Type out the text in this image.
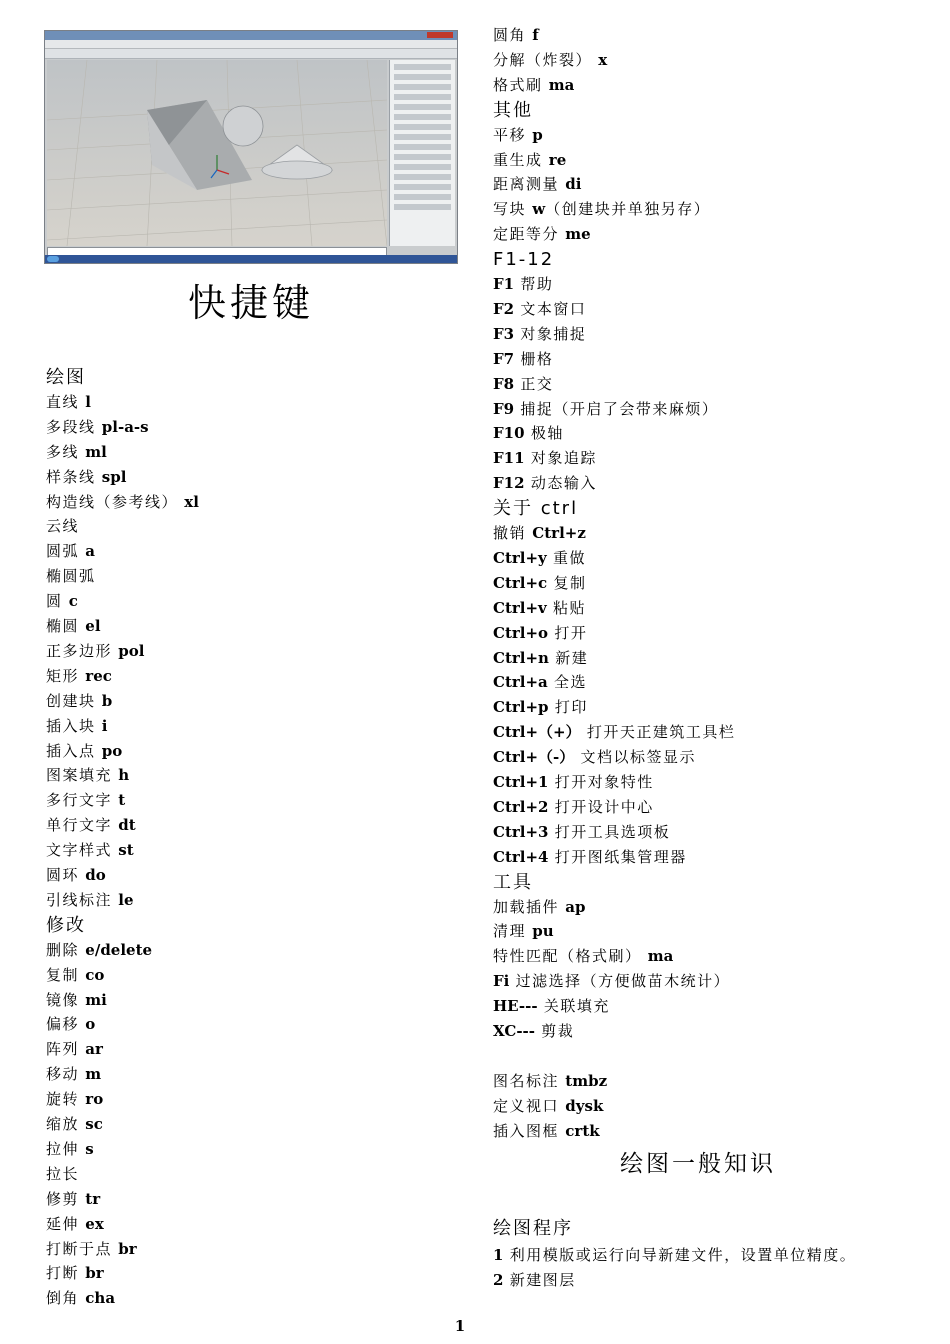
快捷键
绘图
直线 l
多段线 pl-a-s
多线 ml
样条线 spl
构造线（参考线） xl
云线
圆弧 a
椭圆弧
圆 c
椭圆 el
正多边形 pol
矩形 rec
创建块 b
插入块 i
插入点 po
图案填充 h
多行文字 t
单行文字 dt
文字样式 st
圆环 do
引线标注 le
修改
删除 e/delete
复制 co
镜像 mi
偏移 o
阵列 ar
移动 m
旋转 ro
缩放 sc
拉伸 s
拉长
修剪 tr
延伸 ex
打断于点 br
打断 br
倒角 cha
圆角 f
分解（炸裂） x
格式刷 ma
其他
平移 p
重生成 re
距离测量 di
写块 w（创建块并单独另存）
定距等分 me
F1-12
F1 帮助
F2 文本窗口
F3 对象捕捉
F7 栅格
F8 正交
F9 捕捉（开启了会带来麻烦）
F10 极轴
F11 对象追踪
F12 动态输入
关于 ctrl
撤销 Ctrl+z
Ctrl+y 重做
Ctrl+c 复制
Ctrl+v 粘贴
Ctrl+o 打开
Ctrl+n 新建
Ctrl+a 全选
Ctrl+p 打印
Ctrl+（+） 打开天正建筑工具栏
Ctrl+（-） 文档以标签显示
Ctrl+1 打开对象特性
Ctrl+2 打开设计中心
Ctrl+3 打开工具选项板
Ctrl+4 打开图纸集管理器
工具
加载插件 ap
清理 pu
特性匹配（格式刷） ma
Fi 过滤选择（方便做苗木统计）
HE--- 关联填充
XC--- 剪裁
图名标注 tmbz
定义视口 dysk
插入图框 crtk
绘图程序
1 利用模版或运行向导新建文件，设置单位精度。
2 新建图层
绘图一般知识
1
